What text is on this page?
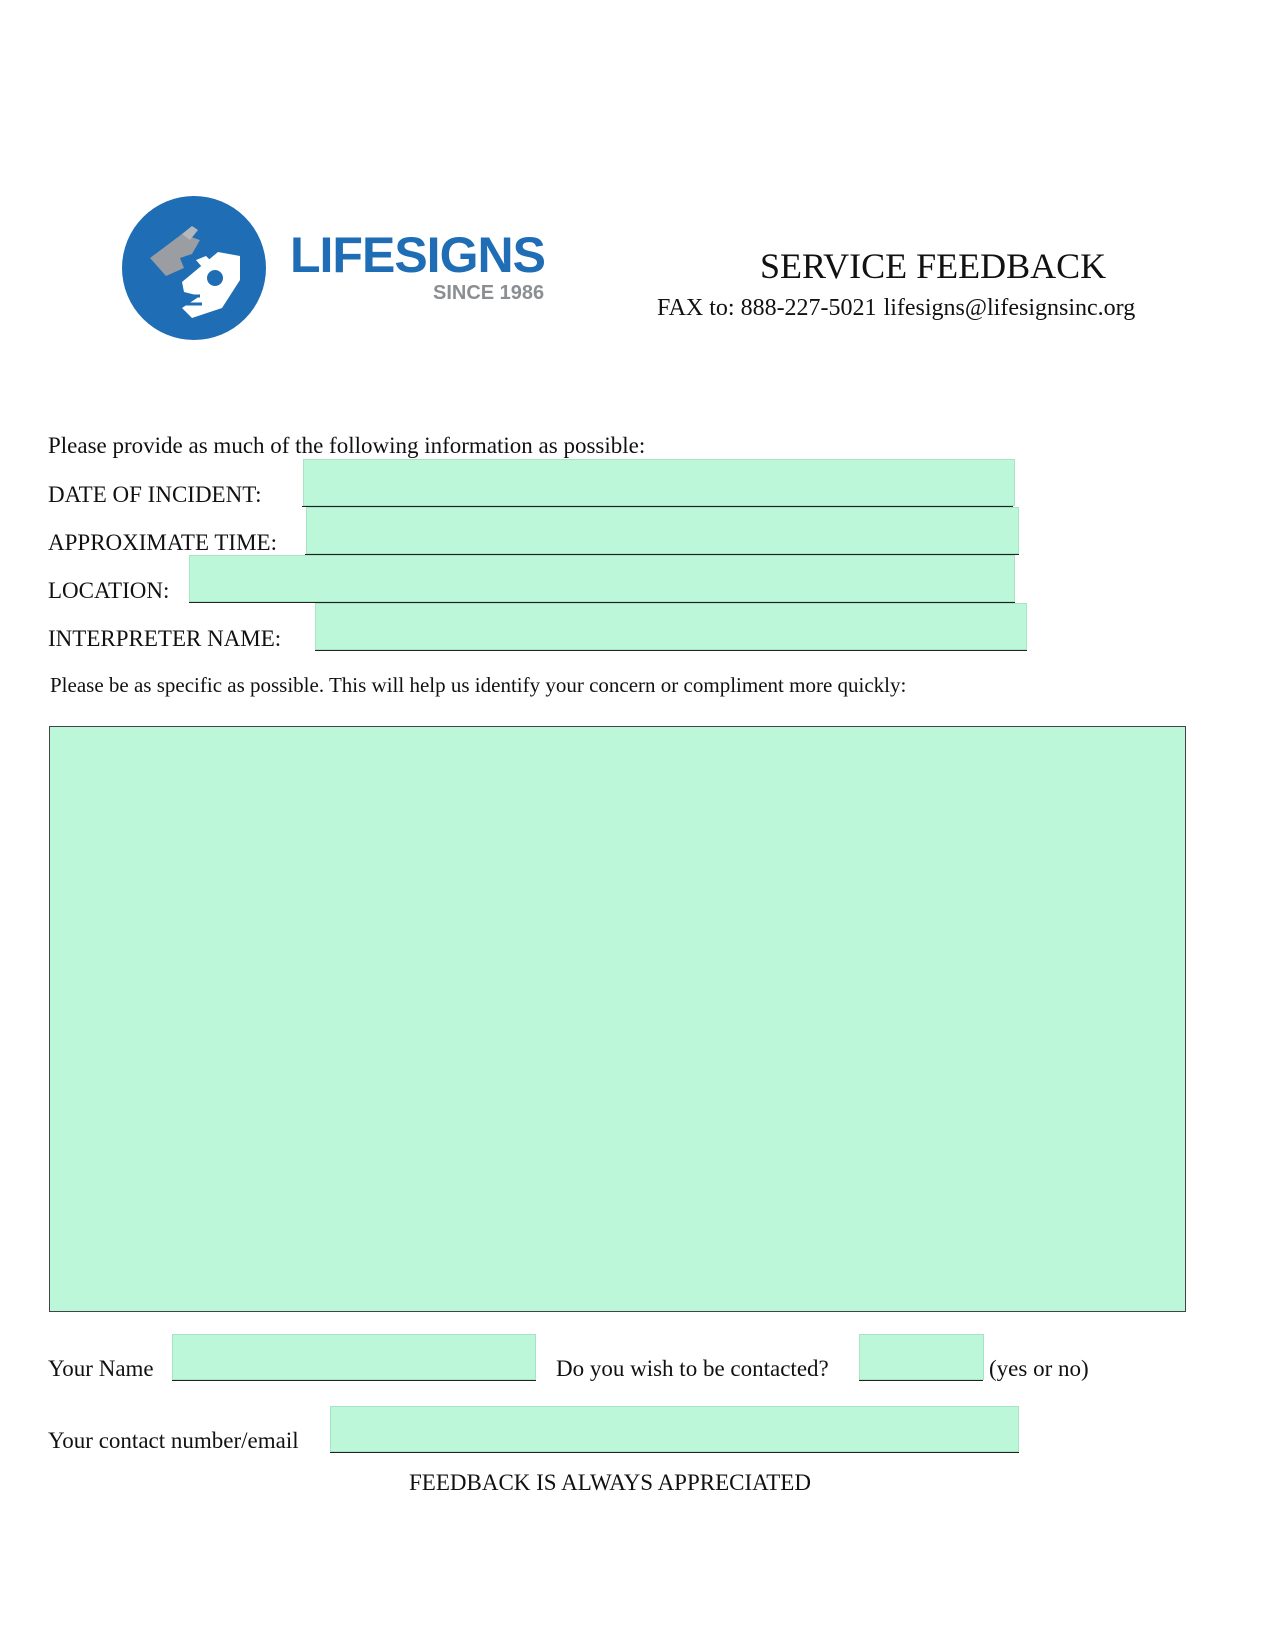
LIFESIGNS
SINCE 1986
SERVICE FEEDBACK
FAX to: 888-227-5021 lifesigns@lifesignsinc.org
Please provide as much of the following information as possible:
DATE OF INCIDENT:
APPROXIMATE TIME:
LOCATION:
INTERPRETER NAME:
Please be as specific as possible. This will help us identify your concern or compliment more quickly:
Your Name	Do you wish to be contacted?	(yes or no)
Your contact number/email
FEEDBACK IS ALWAYS APPRECIATED
